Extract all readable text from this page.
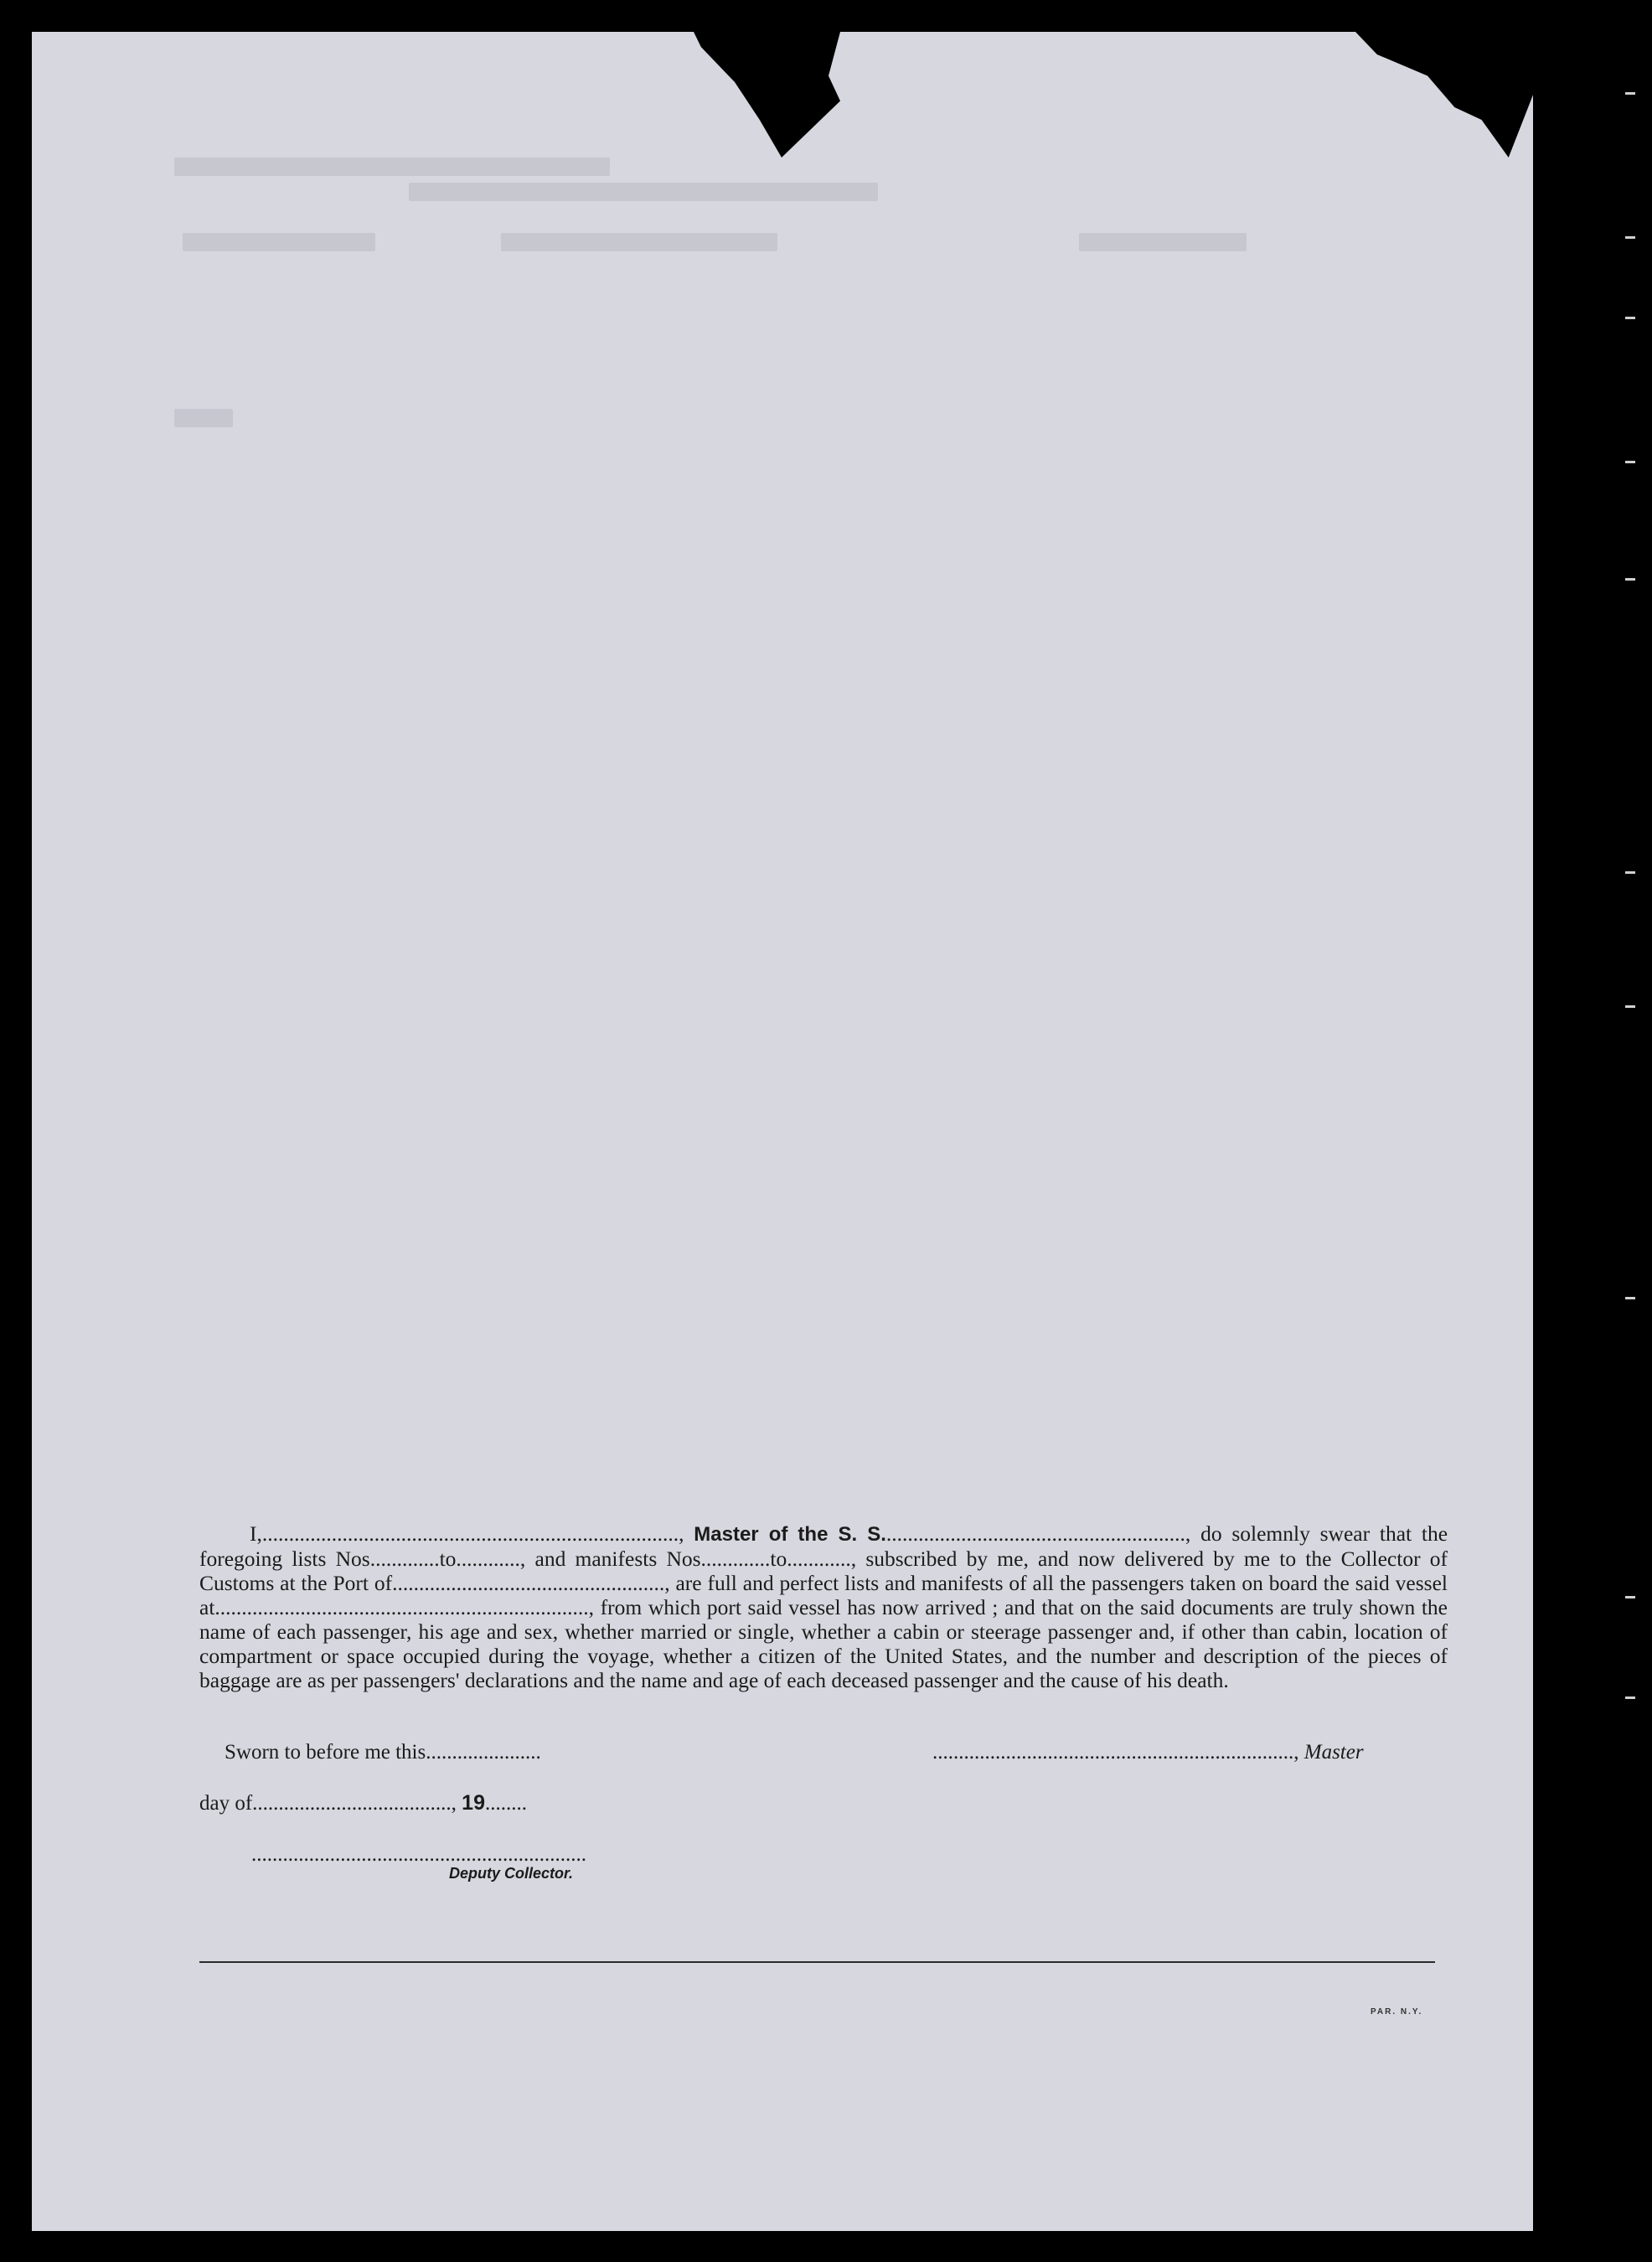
I,.............................................................................., Master of the S. S........................................................., do solemnly swear that the foregoing lists Nos.............to............, and manifests Nos.............to............, subscribed by me, and now delivered by me to the Collector of Customs at the Port of..................................................., are full and perfect lists and manifests of all the passengers taken on board the said vessel at......................................................................, from which port said vessel has now arrived ; and that on the said documents are truly shown the name of each passenger, his age and sex, whether married or single, whether a cabin or steerage passenger and, if other than cabin, location of compartment or space occupied during the voyage, whether a citizen of the United States, and the number and description of the pieces of baggage are as per passengers' declarations and the name and age of each deceased passenger and the cause of his death.

Sworn to before me this......................	....................................................................., Master
day of......................................, 19........
................................................................
Deputy Collector.
PAR. N.Y.
